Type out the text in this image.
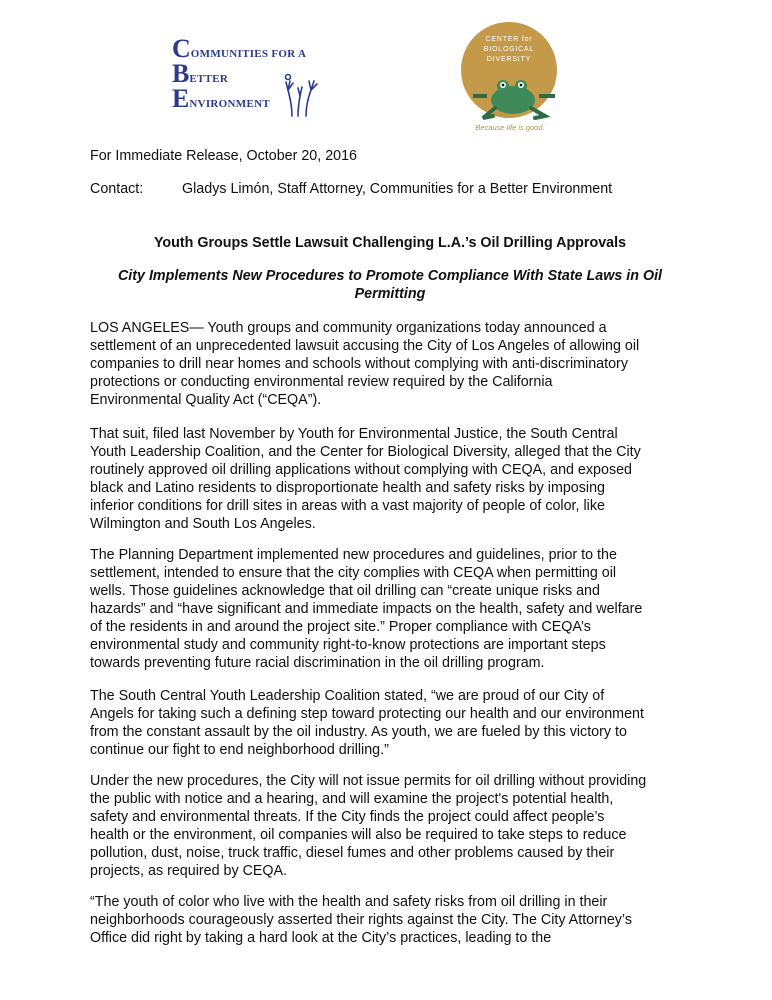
COMMUNITIES FOR A
BETTER
ENVIRONMENT
CENTER for
BIOLOGICAL
DIVERSITY
Because life is good.
For Immediate Release, October 20, 2016
Contact:	Gladys Limón, Staff Attorney, Communities for a Better Environment
Youth Groups Settle Lawsuit Challenging L.A.’s Oil Drilling Approvals
City Implements New Procedures to Promote Compliance With State Laws in Oil
Permitting
LOS ANGELES— Youth groups and community organizations today announced a
settlement of an unprecedented lawsuit accusing the City of Los Angeles of allowing oil
companies to drill near homes and schools without complying with anti-discriminatory
protections or conducting environmental review required by the California
Environmental Quality Act (“CEQA”).
That suit, filed last November by Youth for Environmental Justice, the South Central
Youth Leadership Coalition, and the Center for Biological Diversity, alleged that the City
routinely approved oil drilling applications without complying with CEQA, and exposed
black and Latino residents to disproportionate health and safety risks by imposing
inferior conditions for drill sites in areas with a vast majority of people of color, like
Wilmington and South Los Angeles.
The Planning Department implemented new procedures and guidelines, prior to the
settlement, intended to ensure that the city complies with CEQA when permitting oil
wells. Those guidelines acknowledge that oil drilling can “create unique risks and
hazards” and “have significant and immediate impacts on the health, safety and welfare
of the residents in and around the project site.” Proper compliance with CEQA’s
environmental study and community right-to-know protections are important steps
towards preventing future racial discrimination in the oil drilling program.
The South Central Youth Leadership Coalition stated, “we are proud of our City of
Angels for taking such a defining step toward protecting our health and our environment
from the constant assault by the oil industry. As youth, we are fueled by this victory to
continue our fight to end neighborhood drilling.”
Under the new procedures, the City will not issue permits for oil drilling without providing
the public with notice and a hearing, and will examine the project's potential health,
safety and environmental threats. If the City finds the project could affect people’s
health or the environment, oil companies will also be required to take steps to reduce
pollution, dust, noise, truck traffic, diesel fumes and other problems caused by their
projects, as required by CEQA.
“The youth of color who live with the health and safety risks from oil drilling in their
neighborhoods courageously asserted their rights against the City. The City Attorney’s
Office did right by taking a hard look at the City’s practices, leading to the
